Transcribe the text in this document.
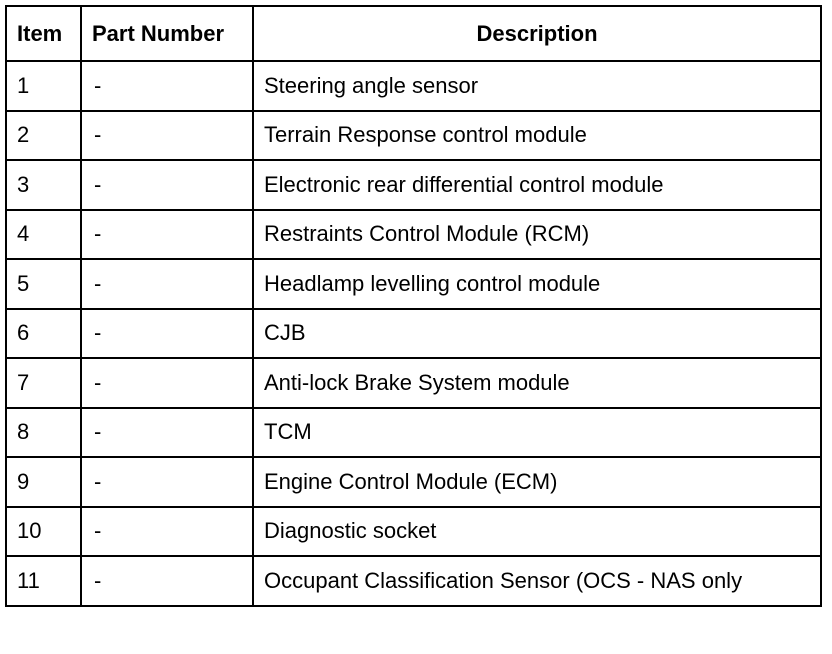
Item	Part Number	Description
1	-	Steering angle sensor
2	-	Terrain Response control module
3	-	Electronic rear differential control module
4	-	Restraints Control Module (RCM)
5	-	Headlamp levelling control module
6	-	CJB
7	-	Anti-lock Brake System module
8	-	TCM
9	-	Engine Control Module (ECM)
10	-	Diagnostic socket
11	-	Occupant Classification Sensor (OCS - NAS only
